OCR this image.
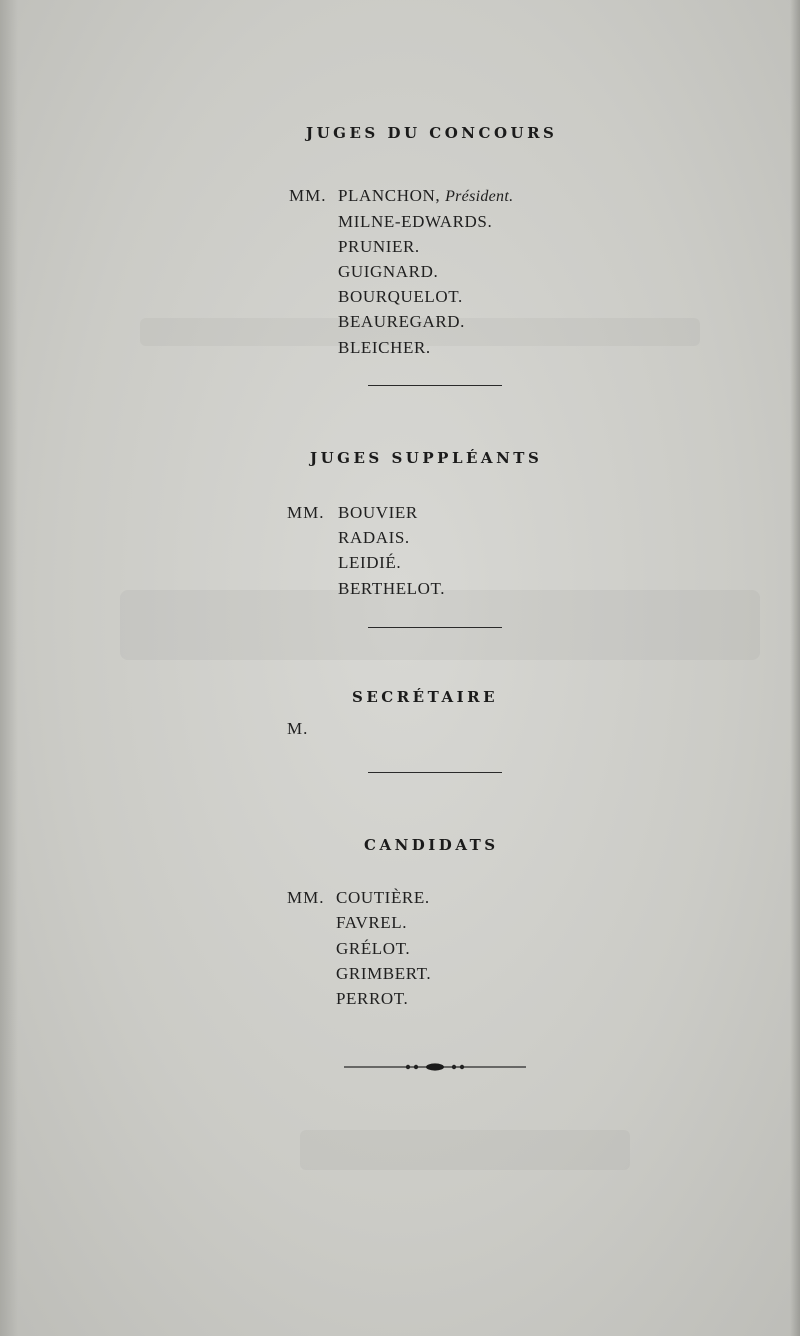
JUGES DU CONCOURS

MM. PLANCHON, Président.

MILNE-EDWARDS.

PRUNIER.

GUIGNARD.

BOURQUELOT.

BEAUREGARD.

BLEICHER.

JUGES SUPPLÉANTS

MM. BOUVIER

RADAIS.

LEIDIÉ.

BERTHELOT.

SECRÉTAIRE

M.

CANDIDATS

MM. COUTIÈRE.

FAVREL.

GRÉLOT.

GRIMBERT.

PERROT.
